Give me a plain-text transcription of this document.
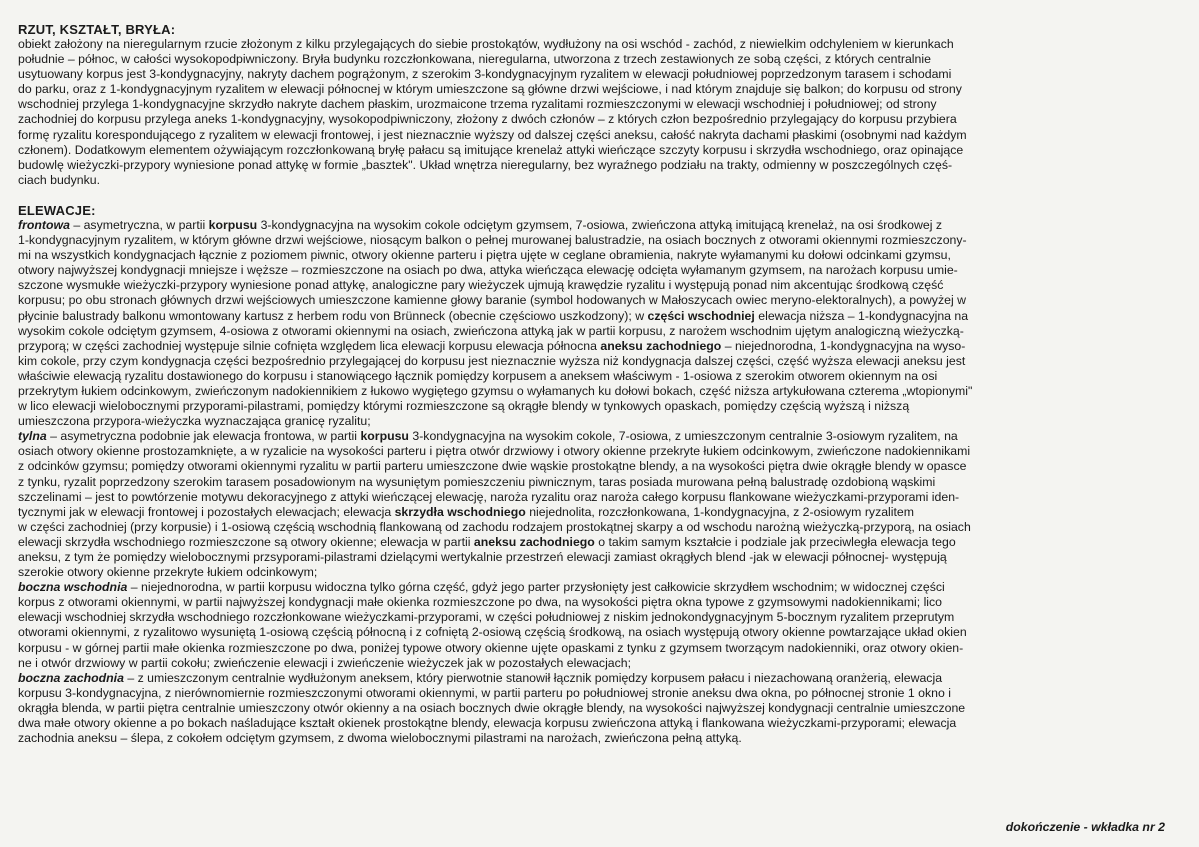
RZUT, KSZTAŁT, BRYŁA:

obiekt założony na nieregularnym rzucie złożonym z kilku przylegających do siebie prostokątów, wydłużony na osi wschód - zachód, z niewielkim odchyleniem w kierunkach
południe – północ, w całości wysokopodpiwniczony. Bryła budynku rozczłonkowana, nieregularna, utworzona z trzech zestawionych ze sobą części, z których centralnie
usytuowany korpus jest 3-kondygnacyjny, nakryty dachem pogrążonym, z szerokim 3-kondygnacyjnym ryzalitem w elewacji południowej poprzedzonym tarasem i schodami
do parku, oraz z 1-kondygnacyjnym ryzalitem w elewacji północnej w którym umieszczone są główne drzwi wejściowe, i nad którym znajduje się balkon; do korpusu od strony
wschodniej przylega 1-kondygnacyjne skrzydło nakryte dachem płaskim, urozmaicone trzema ryzalitami rozmieszczonymi w elewacji wschodniej i południowej; od strony
zachodniej do korpusu przylega aneks 1-kondygnacyjny, wysokopodpiwniczony, złożony z dwóch członów – z których człon bezpośrednio przylegający do korpusu przybiera
formę ryzalitu korespondującego z ryzalitem w elewacji frontowej, i jest nieznacznie wyższy od dalszej części aneksu, całość nakryta dachami płaskimi (osobnymi nad każdym
członem). Dodatkowym elementem ożywiającym rozczłonkowaną bryłę pałacu są imitujące krenelaż attyki wieńczące szczyty korpusu i skrzydła wschodniego, oraz opinające
budowlę wieżyczki-przypory wyniesione ponad attykę w formie „basztek". Układ wnętrza nieregularny, bez wyraźnego podziału na trakty, odmienny w poszczególnych częś-
ciach budynku.

ELEWACJE:

frontowa – asymetryczna, w partii korpusu 3-kondygnacyjna na wysokim cokole odciętym gzymsem, 7-osiowa, zwieńczona attyką imitującą krenelaż, na osi środkowej z
1-kondygnacyjnym ryzalitem, w którym główne drzwi wejściowe, niosącym balkon o pełnej murowanej balustradzie, na osiach bocznych z otworami okiennymi rozmieszczony-
mi na wszystkich kondygnacjach łącznie z poziomem piwnic, otwory okienne parteru i piętra ujęte w ceglane obramienia, nakryte wyłamanymi ku dołowi odcinkami gzymsu,
otwory najwyższej kondygnacji mniejsze i węższe – rozmieszczone na osiach po dwa, attyka wieńcząca elewację odcięta wyłamanym gzymsem, na narożach korpusu umie-
szczone wysmukłe wieżyczki-przypory wyniesione ponad attykę, analogiczne pary wieżyczek ujmują krawędzie ryzalitu i występują ponad nim akcentując środkową część
korpusu; po obu stronach głównych drzwi wejściowych umieszczone kamienne głowy baranie (symbol hodowanych w Małoszycach owiec meryno-elektoralnych), a powyżej w
płycinie balustrady balkonu wmontowany kartusz z herbem rodu von Brünneck (obecnie częściowo uszkodzony); w części wschodniej elewacja niższa – 1-kondygnacyjna na
wysokim cokole odciętym gzymsem, 4-osiowa z otworami okiennymi na osiach, zwieńczona attyką jak w partii korpusu, z narożem wschodnim ujętym analogiczną wieżyczką-
przyporą; w części zachodniej występuje silnie cofnięta względem lica elewacji korpusu elewacja północna aneksu zachodniego – niejednorodna, 1-kondygnacyjna na wyso-
kim cokole, przy czym kondygnacja części bezpośrednio przylegającej do korpusu jest nieznacznie wyższa niż kondygnacja dalszej części, część wyższa elewacji aneksu jest
właściwie elewacją ryzalitu dostawionego do korpusu i stanowiącego łącznik pomiędzy korpusem a aneksem właściwym - 1-osiowa z szerokim otworem okiennym na osi
przekrytym łukiem odcinkowym, zwieńczonym nadokiennikiem z łukowo wygiętego gzymsu o wyłamanych ku dołowi bokach, część niższa artykułowana czterema „wtopionymi"
w lico elewacji wielobocznymi przyporami-pilastrami, pomiędzy którymi rozmieszczone są okrągłe blendy w tynkowych opaskach, pomiędzy częścią wyższą i niższą
umieszczona przypora-wieżyczka wyznaczająca granicę ryzalitu;
tylna – asymetryczna podobnie jak elewacja frontowa, w partii korpusu 3-kondygnacyjna na wysokim cokole, 7-osiowa, z umieszczonym centralnie 3-osiowym ryzalitem, na
osiach otwory okienne prostozamknięte, a w ryzalicie na wysokości parteru i piętra otwór drzwiowy i otwory okienne przekryte łukiem odcinkowym, zwieńczone nadokiennikami
z odcinków gzymsu; pomiędzy otworami okiennymi ryzalitu w partii parteru umieszczone dwie wąskie prostokątne blendy, a na wysokości piętra dwie okrągłe blendy w opasce
z tynku, ryzalit poprzedzony szerokim tarasem posadowionym na wysuniętym pomieszczeniu piwnicznym, taras posiada murowana pełną balustradę ozdobioną wąskimi
szczelinami – jest to powtórzenie motywu dekoracyjnego z attyki wieńczącej elewację, naroża ryzalitu oraz naroża całego korpusu flankowane wieżyczkami-przyporami iden-
tycznymi jak w elewacji frontowej i pozostałych elewacjach; elewacja skrzydła wschodniego niejednolita, rozczłonkowana, 1-kondygnacyjna, z 2-osiowym ryzalitem
w części zachodniej (przy korpusie) i 1-osiową częścią wschodnią flankowaną od zachodu rodzajem prostokątnej skarpy a od wschodu narożną wieżyczką-przyporą, na osiach
elewacji skrzydła wschodniego rozmieszczone są otwory okienne; elewacja w partii aneksu zachodniego o takim samym kształcie i podziale jak przeciwległa elewacja tego
aneksu, z tym że pomiędzy wielobocznymi przsyporami-pilastrami dzielącymi wertykalnie przestrzeń elewacji zamiast okrągłych blend -jak w elewacji północnej- występują
szerokie otwory okienne przekryte łukiem odcinkowym;
boczna wschodnia – niejednorodna, w partii korpusu widoczna tylko górna część, gdyż jego parter przysłonięty jest całkowicie skrzydłem wschodnim; w widocznej części
korpus z otworami okiennymi, w partii najwyższej kondygnacji małe okienka rozmieszczone po dwa, na wysokości piętra okna typowe z gzymsowymi nadokiennikami; lico
elewacji wschodniej skrzydła wschodniego rozczłonkowane wieżyczkami-przyporami, w części południowej z niskim jednokondygnacyjnym 5-bocznym ryzalitem przeprutym
otworami okiennymi, z ryzalitowo wysuniętą 1-osiową częścią północną i z cofniętą 2-osiową częścią środkową, na osiach występują otwory okienne powtarzające układ okien
korpusu - w górnej partii małe okienka rozmieszczone po dwa, poniżej typowe otwory okienne ujęte opaskami z tynku z gzymsem tworzącym nadokienniki, oraz otwory okien-
ne i otwór drzwiowy w partii cokołu; zwieńczenie elewacji i zwieńczenie wieżyczek jak w pozostałych elewacjach;
boczna zachodnia – z umieszczonym centralnie wydłużonym aneksem, który pierwotnie stanowił łącznik pomiędzy korpusem pałacu i niezachowaną oranżerią, elewacja
korpusu 3-kondygnacyjna, z nierównomiernie rozmieszczonymi otworami okiennymi, w partii parteru po południowej stronie aneksu dwa okna, po północnej stronie 1 okno i
okrągła blenda, w partii piętra centralnie umieszczony otwór okienny a na osiach bocznych dwie okrągłe blendy, na wysokości najwyższej kondygnacji centralnie umieszczone
dwa małe otwory okienne a po bokach naśladujące kształt okienek prostokątne blendy, elewacja korpusu zwieńczona attyką i flankowana wieżyczkami-przyporami; elewacja
zachodnia aneksu – ślepa, z cokołem odciętym gzymsem, z dwoma wielobocznymi pilastrami na narożach, zwieńczona pełną attyką.
dokończenie - wkładka nr 2
